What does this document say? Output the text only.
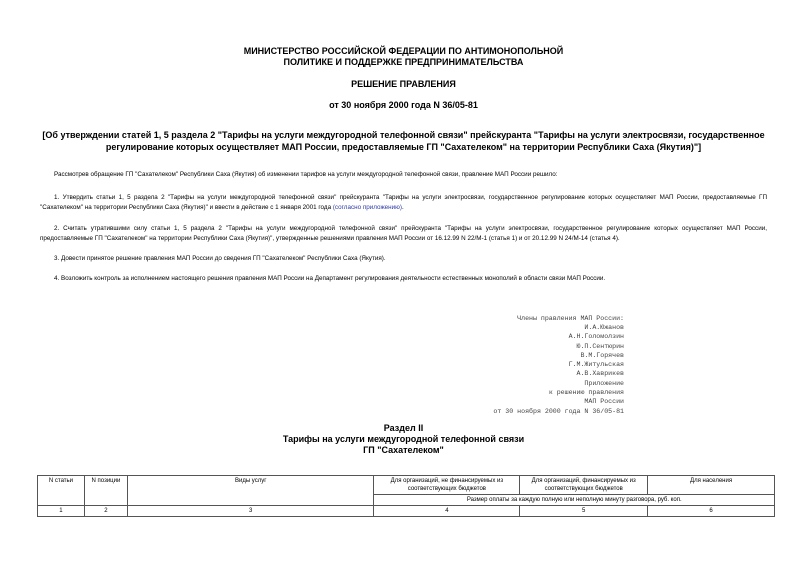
МИНИСТЕРСТВО РОССИЙСКОЙ ФЕДЕРАЦИИ ПО АНТИМОНОПОЛЬНОЙ
ПОЛИТИКЕ И ПОДДЕРЖКЕ ПРЕДПРИНИМАТЕЛЬСТВА
РЕШЕНИЕ ПРАВЛЕНИЯ
от 30 ноября 2000 года N 36/05-81
[Об утверждении статей 1, 5 раздела 2 "Тарифы на услуги междугородной телефонной связи" прейскуранта "Тарифы на услуги электросвязи, государственное
регулирование которых осуществляет МАП России, предоставляемые ГП "Сахателеком" на территории Республики Саха (Якутия)"]
Рассмотрев обращение ГП "Сахателеком" Республики Саха (Якутия) об изменении тарифов на услуги междугородной телефонной связи, правление МАП России решило:
1. Утвердить статьи 1, 5 раздела 2 "Тарифы на услуги междугородной телефонной связи" прейскуранта "Тарифы на услуги электросвязи, государственное регулирование которых осуществляет МАП России, предоставляемые ГП "Сахателеком" на территории Республики Саха (Якутия)" и ввести в действие с 1 января 2001 года (согласно приложению).
2. Считать утратившими силу статьи 1, 5 раздела 2 "Тарифы на услуги междугородной телефонной связи" прейскуранта "Тарифы на услуги электросвязи, государственное регулирование которых осуществляет МАП России, предоставляемые ГП "Сахателеком" на территории Республики Саха (Якутия)", утвержденные решениями правления МАП России от 16.12.99 N 22/М-1 (статья 1) и от 20.12.99 N 24/М-14 (статья 4).
3. Довести принятое решение правления МАП России до сведения ГП "Сахателеком" Республики Саха (Якутия).
4. Возложить контроль за исполнением настоящего решения правления МАП России на Департамент регулирования деятельности естественных монополий в области связи МАП России.
Члены правления МАП России:
И.А.Южанов
А.Н.Голомолзин
Ю.П.Сентюрин
В.М.Горячев
Г.М.Житульская
А.В.Хаврикев
Приложение
к решению правления
МАП России
от 30 ноября 2000 года N 36/05-81
Раздел II
Тарифы на услуги междугородной телефонной связи
ГП "Сахателеком"
N статьи	N позиции	Виды услуг	Для организаций, не финансируемых из соответствующих бюджетов	Для организаций, финансируемых из соответствующих бюджетов	Для населения
			Размер оплаты за каждую полную или неполную минуту разговора, руб. коп.		
1	2	3	4	5	6
